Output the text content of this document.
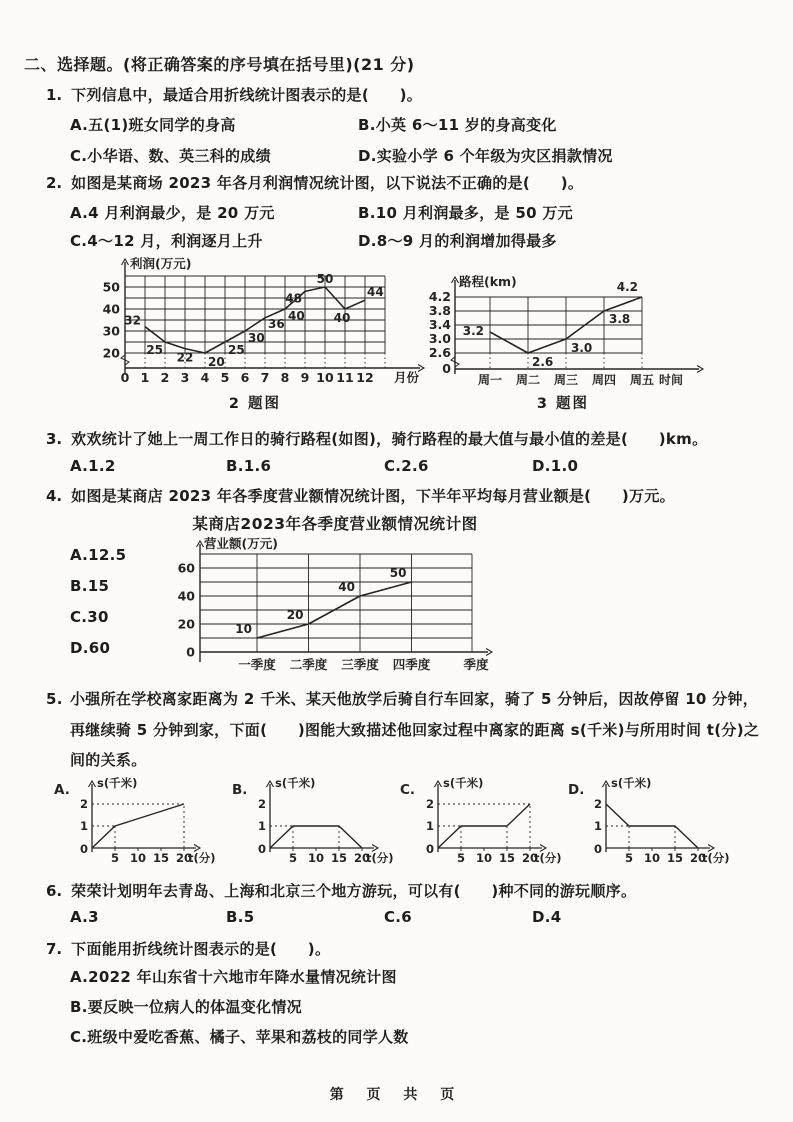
二、选择题。(将正确答案的序号填在括号里)(21 分)
1. 下列信息中，最适合用折线统计图表示的是(　　)。
A.五(1)班女同学的身高	B.小英 6～11 岁的身高变化
C.小华语、数、英三科的成绩	D.实验小学 6 个年级为灾区捐款情况
2. 如图是某商场 2023 年各月利润情况统计图，以下说法不正确的是(　　)。
A.4 月利润最少，是 20 万元	B.10 月利润最多，是 50 万元
C.4～12 月，利润逐月上升	D.8～9 月的利润增加得最多
20
30
40
50
0 1 2 3 4 5 6 7 8 9 10 11 12 月份
利润(万元)
32
25
22 20
25
30
36
40
48
50
40
44
2 题图
0
2.6
3.0
3.4
3.8
4.2
周一 周二 周三 周四 周五 时间
路程(km)
3.2
2.6
3.0
3.8
4.2
3 题图
3. 欢欢统计了她上一周工作日的骑行路程(如图)，骑行路程的最大值与最小值的差是(　　)km。
A.1.2	B.1.6	C.2.6	D.1.0
4. 如图是某商店 2023 年各季度营业额情况统计图，下半年平均每月营业额是(　　)万元。
某商店2023年各季度营业额情况统计图
A.12.5
B.15
C.30
D.60	0
20
40
60
一季度 二季度 三季度 四季度	季度
营业额(万元)
10
20
40
50
5. 小强所在学校离家距离为 2 千米、某天他放学后骑自行车回家，骑了 5 分钟后，因故停留 10 分钟，再继续骑 5 分钟到家，下面(　　)图能大致描述他回家过程中离家的距离 s(千米)与所用时间 t(分)之间的关系。
A. s(千米)
t(分)
0
1
2
5 10 15 20
B. s(千米)
t(分)
0
1
2
5 10 15 20
C. s(千米)
t(分)
0
1
2
5 10 15 20
D. s(千米)
t(分)
0
1
2
5 10 15 20
6. 荣荣计划明年去青岛、上海和北京三个地方游玩，可以有(　　)种不同的游玩顺序。
A.3	B.5	C.6	D.4
7. 下面能用折线统计图表示的是(　　)。
A.2022 年山东省十六地市年降水量情况统计图
B.要反映一位病人的体温变化情况
C.班级中爱吃香蕉、橘子、苹果和荔枝的同学人数
第 页 共 页
